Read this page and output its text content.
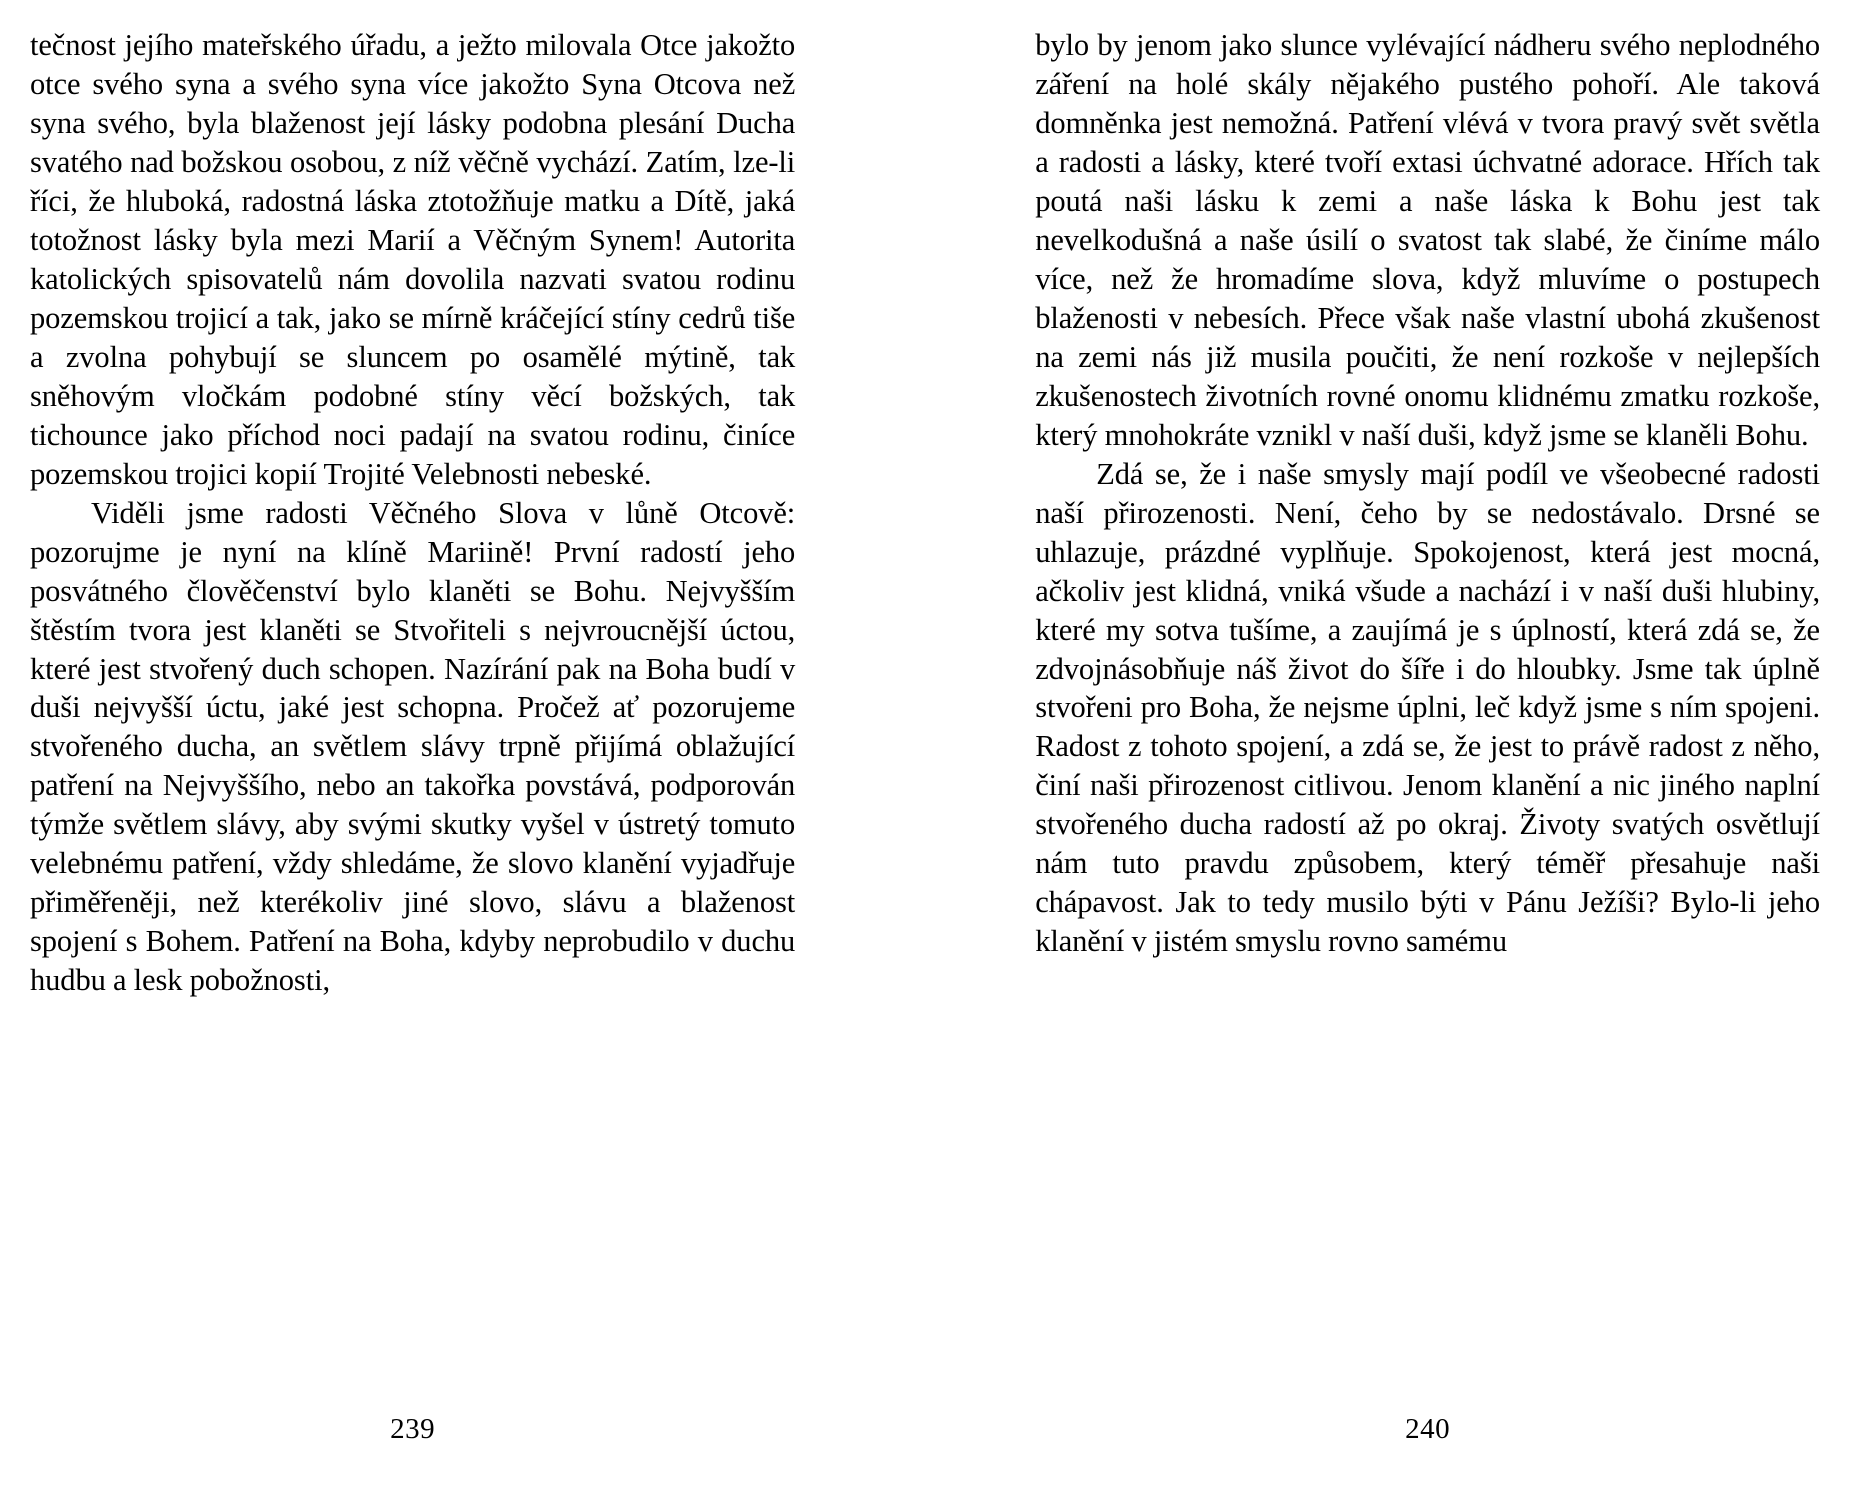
tečnost jejího mateřského úřadu, a ježto milovala Otce jakožto otce svého syna a svého syna více jakožto Syna Otcova než syna svého, byla blaženost její lásky podobna plesání Ducha svatého nad božskou osobou, z níž věčně vychází. Zatím, lze-li říci, že hluboká, radostná láska ztotožňuje matku a Dítě, jaká totožnost lásky byla mezi Marií a Věčným Synem! Autorita katolických spisovatelů nám dovolila nazvati svatou rodinu pozemskou trojicí a tak, jako se mírně kráčející stíny cedrů tiše a zvolna pohybují se sluncem po osamělé mýtině, tak sněhovým vločkám podobné stíny věcí božských, tak tichounce jako příchod noci padají na svatou rodinu, činíce pozemskou trojici kopií Trojité Velebnosti nebeské.

Viděli jsme radosti Věčného Slova v lůně Otcově: pozorujme je nyní na klíně Mariině! První radostí jeho posvátného člověčenství bylo klaněti se Bohu. Nejvyšším štěstím tvora jest klaněti se Stvořiteli s nejvroucnější úctou, které jest stvořený duch schopen. Nazírání pak na Boha budí v duši nejvyšší úctu, jaké jest schopna. Pročež ať pozorujeme stvořeného ducha, an světlem slávy trpně přijímá oblažující patření na Nejvyššího, nebo an takořka povstává, podporován týmže světlem slávy, aby svými skutky vyšel v ústretý tomuto velebnému patření, vždy shledáme, že slovo klanění vyjadřuje přiměřeněji, než kterékoliv jiné slovo, slávu a blaženost spojení s Bohem. Patření na Boha, kdyby neprobudilo v duchu hudbu a lesk pobožnosti,

239

bylo by jenom jako slunce vylévající nádheru svého neplodného záření na holé skály nějakého pustého pohoří. Ale taková domněnka jest nemožná. Patření vlévá v tvora pravý svět světla a radosti a lásky, které tvoří extasi úchvatné adorace. Hřích tak poutá naši lásku k zemi a naše láska k Bohu jest tak nevelkodušná a naše úsilí o svatost tak slabé, že činíme málo více, než že hromadíme slova, když mluvíme o postupech blaženosti v nebesích. Přece však naše vlastní ubohá zkušenost na zemi nás již musila poučiti, že není rozkoše v nejlepších zkušenostech životních rovné onomu klidnému zmatku rozkoše, který mnohokráte vznikl v naší duši, když jsme se klaněli Bohu.

Zdá se, že i naše smysly mají podíl ve všeobecné radosti naší přirozenosti. Není, čeho by se nedostávalo. Drsné se uhlazuje, prázdné vyplňuje. Spokojenost, která jest mocná, ačkoliv jest klidná, vniká všude a nachází i v naší duši hlubiny, které my sotva tušíme, a zaujímá je s úplností, která zdá se, že zdvojnásobňuje náš život do šíře i do hloubky. Jsme tak úplně stvořeni pro Boha, že nejsme úplni, leč když jsme s ním spojeni. Radost z tohoto spojení, a zdá se, že jest to právě radost z něho, činí naši přirozenost citlivou. Jenom klanění a nic jiného naplní stvořeného ducha radostí až po okraj. Životy svatých osvětlují nám tuto pravdu způsobem, který téměř přesahuje naši chápavost. Jak to tedy musilo býti v Pánu Ježíši? Bylo-li jeho klanění v jistém smyslu rovno samému

240
